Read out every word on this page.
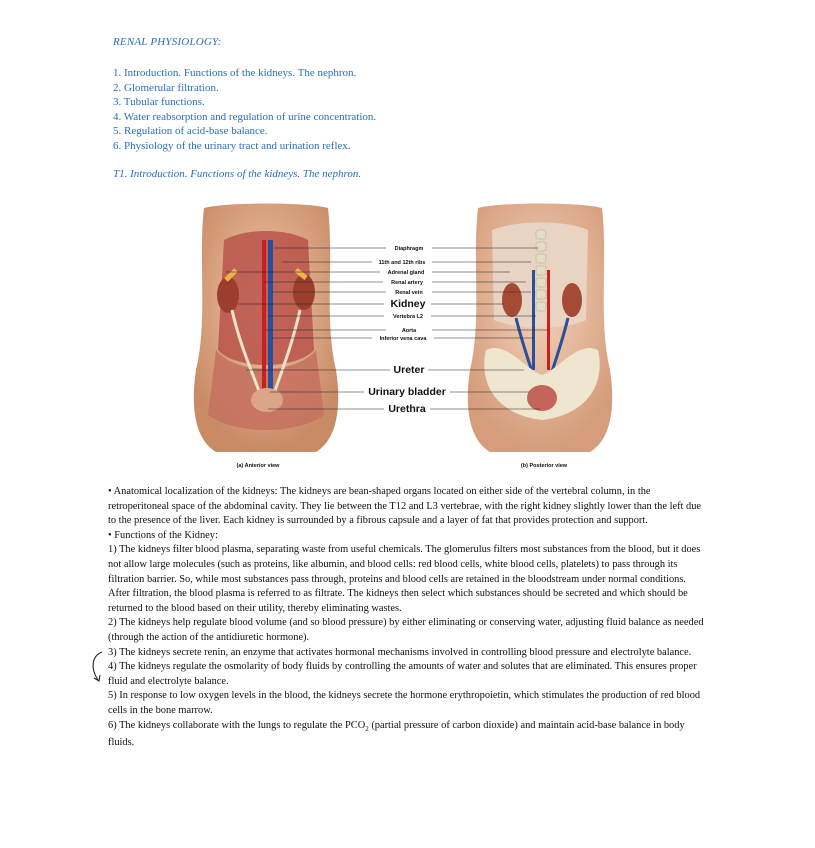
RENAL PHYSIOLOGY:
1. Introduction. Functions of the kidneys. The nephron.
2. Glomerular filtration.
3. Tubular functions.
4. Water reabsorption and regulation of urine concentration.
5. Regulation of acid-base balance.
6. Physiology of the urinary tract and urination reflex.
T1. Introduction. Functions of the kidneys. The nephron.
Diaphragm
11th and 12th ribs
Adrenal gland
Renal artery
Renal vein
Kidney
Vertebra L2
Aorta
Inferior vena cava
Ureter
Urinary bladder
Urethra
(a) Anterior view	(b) Posterior view

• Anatomical localization of the kidneys: The kidneys are bean-shaped organs located on either side of the vertebral column, in the retroperitoneal space of the abdominal cavity. They lie between the T12 and L3 vertebrae, with the right kidney slightly lower than the left due to the presence of the liver. Each kidney is surrounded by a fibrous capsule and a layer of fat that provides protection and support.

• Functions of the Kidney:

1) The kidneys filter blood plasma, separating waste from useful chemicals. The glomerulus filters most substances from the blood, but it does not allow large molecules (such as proteins, like albumin, and blood cells: red blood cells, white blood cells, platelets) to pass through its filtration barrier. So, while most substances pass through, proteins and blood cells are retained in the bloodstream under normal conditions. After filtration, the blood plasma is referred to as filtrate. The kidneys then select which substances should be secreted and which should be returned to the blood based on their utility, thereby eliminating wastes.

2) The kidneys help regulate blood volume (and so blood pressure) by either eliminating or conserving water, adjusting fluid balance as needed (through the action of the antidiuretic hormone).

3) The kidneys secrete renin, an enzyme that activates hormonal mechanisms involved in controlling blood pressure and electrolyte balance.

4) The kidneys regulate the osmolarity of body fluids by controlling the amounts of water and solutes that are eliminated. This ensures proper fluid and electrolyte balance.

5) In response to low oxygen levels in the blood, the kidneys secrete the hormone erythropoietin, which stimulates the production of red blood cells in the bone marrow.

6) The kidneys collaborate with the lungs to regulate the $PCO_2$ (partial pressure of carbon dioxide) and maintain acid-base balance in body fluids.
